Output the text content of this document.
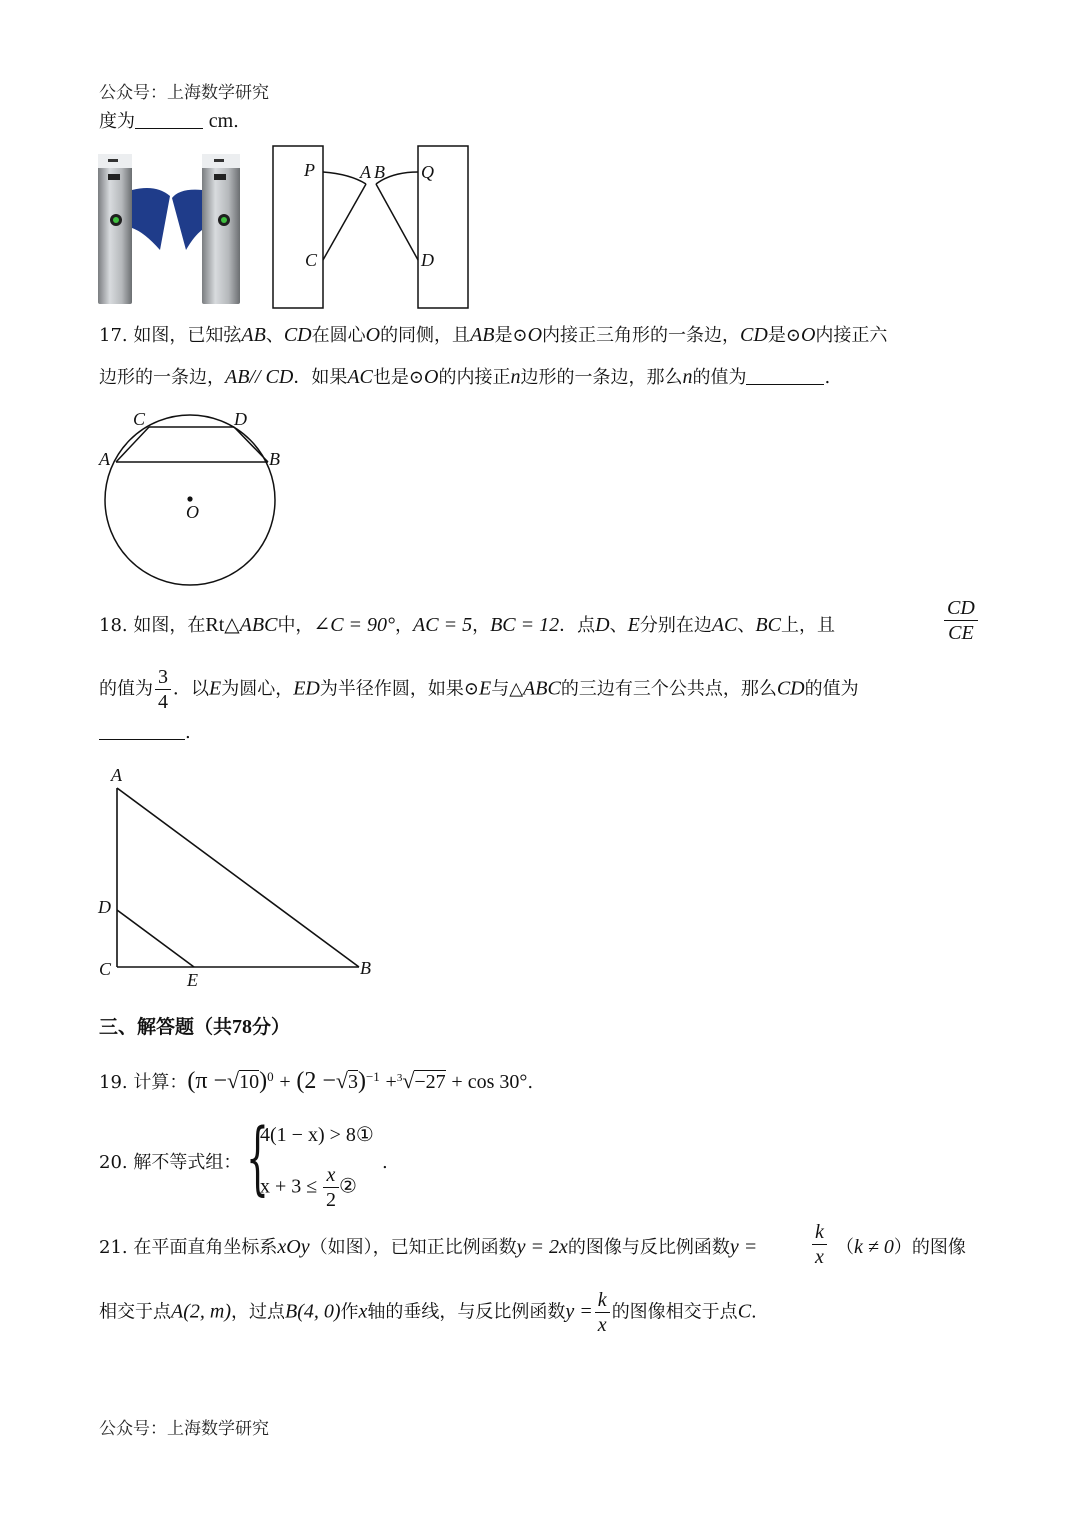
公众号：上海数学研究
度为	cm.
P	A B Q
C	D
17. 如图，已知弦AB、CD在圆心O的同侧，且AB是⊙O内接正三角形的一条边，CD是⊙O内接正六
边形的一条边，AB// CD．如果AC也是⊙O的内接正n边形的一条边，那么n的值为	.
A	B
C	D
O
18. 如图，在Rt△ABC中，∠C = 90°，AC = 5，BC = 12．点D、E分别在边AC、BC上，且	$\frac{CD}{CE}$
的值为 $\frac{3}{4}$ ．以E为圆心，ED为半径作圆，如果⊙E与△ABC的三边有三个公共点，那么CD的值为
.
A
D
C
E
B
三、解答题（共78分）
19. 计算：$(\pi -√10)^0 + (2 -√3)^{-1} +^3√-27 + \cos 30^\circ$.
20. 解不等式组： {
4(1 − x) > 8①
$x + 3 \le \frac{x}{2}$ ②
.
21. 在平面直角坐标系xOy（如图），已知正比例函数y = 2x的图像与反比例函数y =	$\frac{k}{x} (k \ne 0)$的图像
相交于点A(2, m)，过点B(4, 0)作x轴的垂线，与反比例函数$y = \frac{k}{x}$ 的图像相交于点C.
公众号：上海数学研究
